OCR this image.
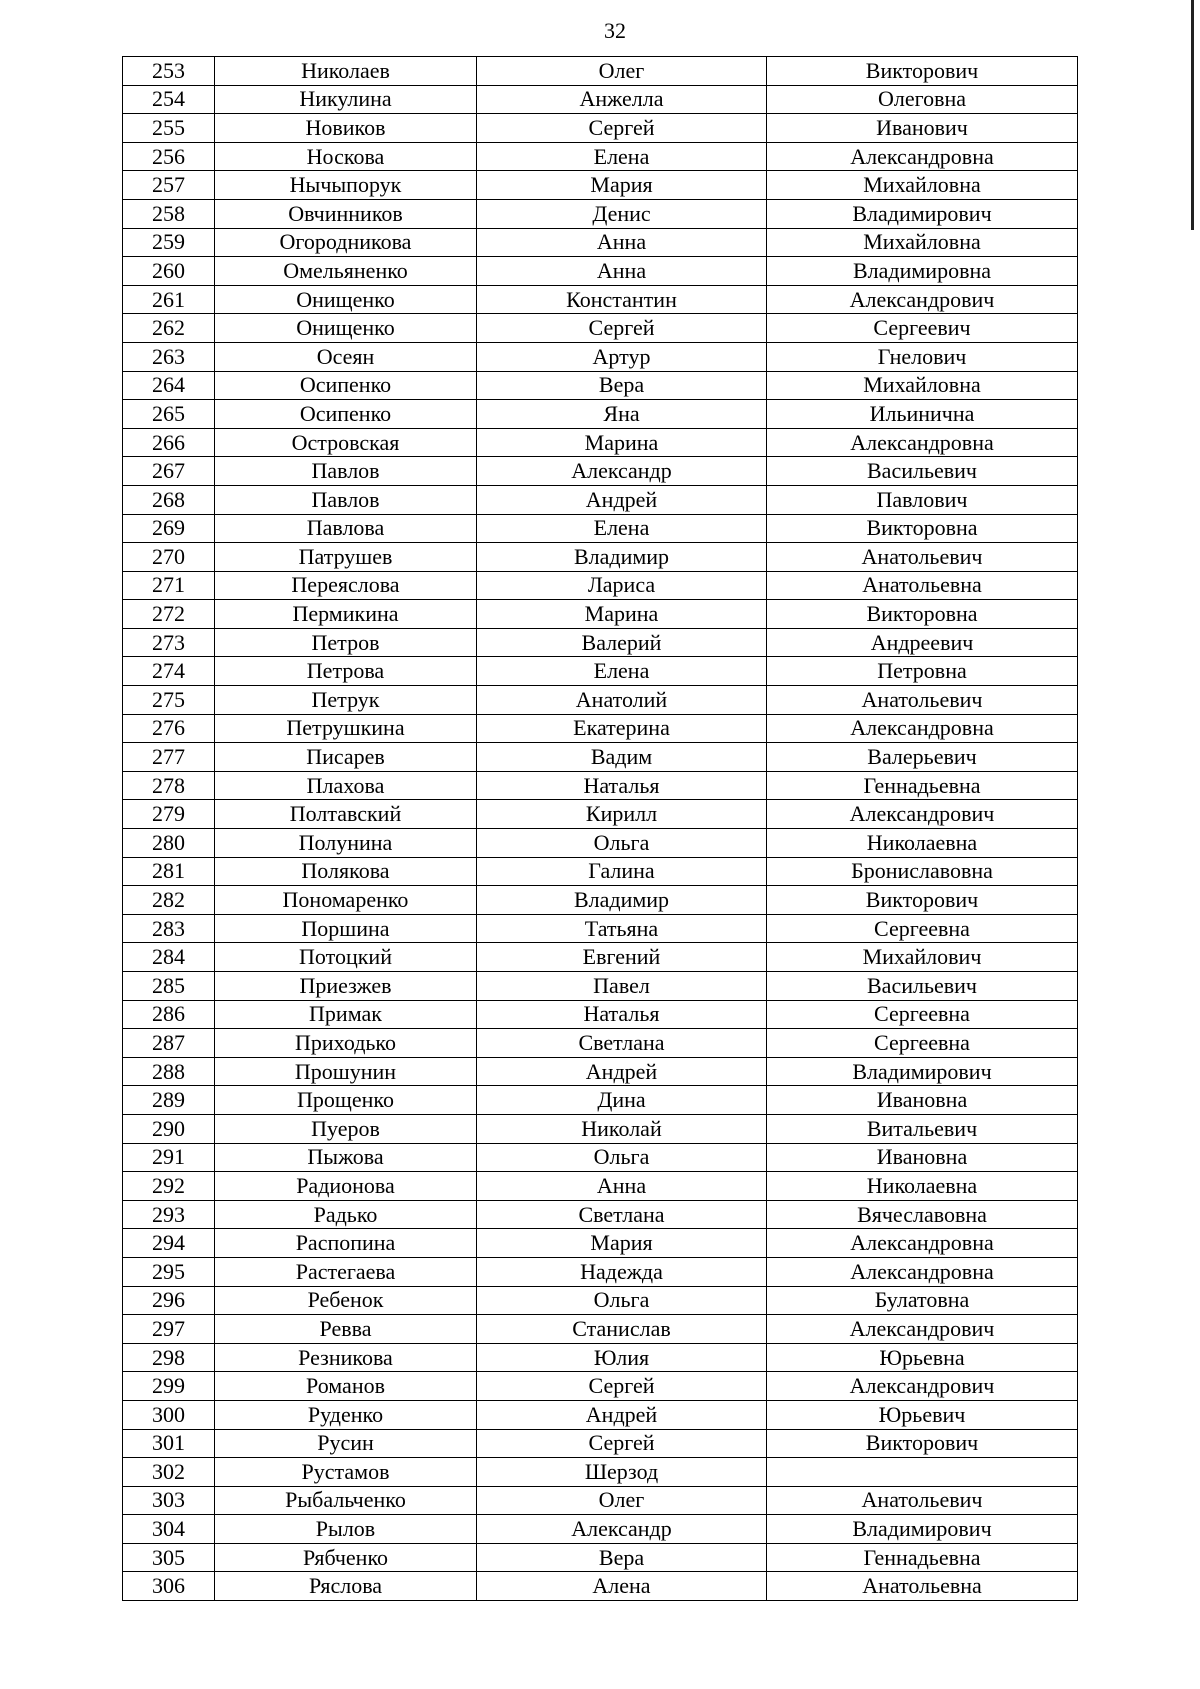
32
253	Николаев	Олег	Викторович
254	Никулина	Анжелла	Олеговна
255	Новиков	Сергей	Иванович
256	Носкова	Елена	Александровна
257	Нычыпорук	Мария	Михайловна
258	Овчинников	Денис	Владимирович
259	Огородникова	Анна	Михайловна
260	Омельяненко	Анна	Владимировна
261	Онищенко	Константин	Александрович
262	Онищенко	Сергей	Сергеевич
263	Осеян	Артур	Гнелович
264	Осипенко	Вера	Михайловна
265	Осипенко	Яна	Ильинична
266	Островская	Марина	Александровна
267	Павлов	Александр	Васильевич
268	Павлов	Андрей	Павлович
269	Павлова	Елена	Викторовна
270	Патрушев	Владимир	Анатольевич
271	Переяслова	Лариса	Анатольевна
272	Пермикина	Марина	Викторовна
273	Петров	Валерий	Андреевич
274	Петрова	Елена	Петровна
275	Петрук	Анатолий	Анатольевич
276	Петрушкина	Екатерина	Александровна
277	Писарев	Вадим	Валерьевич
278	Плахова	Наталья	Геннадьевна
279	Полтавский	Кирилл	Александрович
280	Полунина	Ольга	Николаевна
281	Полякова	Галина	Брониславовна
282	Пономаренко	Владимир	Викторович
283	Поршина	Татьяна	Сергеевна
284	Потоцкий	Евгений	Михайлович
285	Приезжев	Павел	Васильевич
286	Примак	Наталья	Сергеевна
287	Приходько	Светлана	Сергеевна
288	Прошунин	Андрей	Владимирович
289	Прощенко	Дина	Ивановна
290	Пуеров	Николай	Витальевич
291	Пыжова	Ольга	Ивановна
292	Радионова	Анна	Николаевна
293	Радько	Светлана	Вячеславовна
294	Распопина	Мария	Александровна
295	Растегаева	Надежда	Александровна
296	Ребенок	Ольга	Булатовна
297	Ревва	Станислав	Александрович
298	Резникова	Юлия	Юрьевна
299	Романов	Сергей	Александрович
300	Руденко	Андрей	Юрьевич
301	Русин	Сергей	Викторович
302	Рустамов	Шерзод	
303	Рыбальченко	Олег	Анатольевич
304	Рылов	Александр	Владимирович
305	Рябченко	Вера	Геннадьевна
306	Ряслова	Алена	Анатольевна
